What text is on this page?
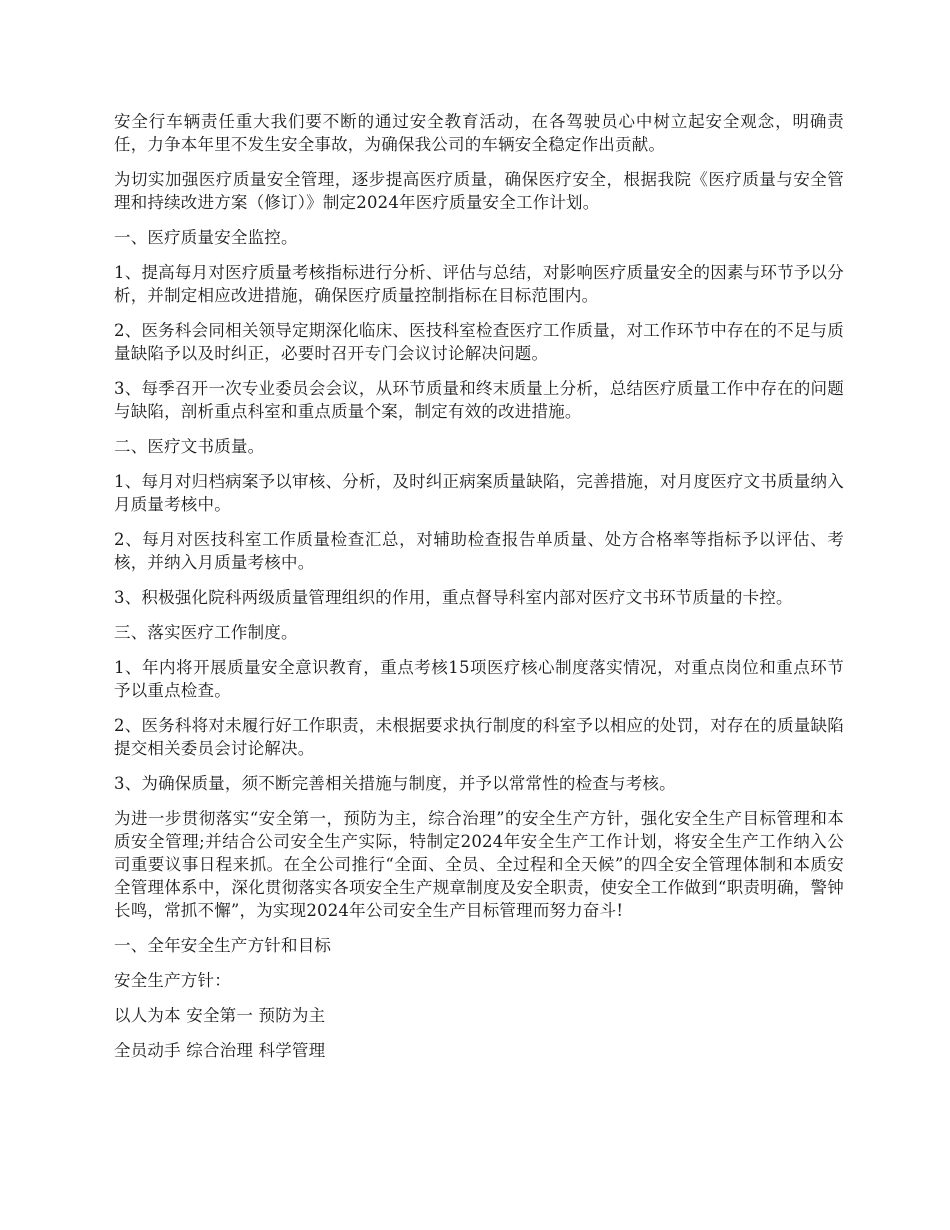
安全行车辆责任重大我们要不断的通过安全教育活动，在各驾驶员心中树立起安全观念，明确责任，力争本年里不发生安全事故，为确保我公司的车辆安全稳定作出贡献。

为切实加强医疗质量安全管理，逐步提高医疗质量，确保医疗安全，根据我院《医疗质量与安全管理和持续改进方案（修订）》制定2024年医疗质量安全工作计划。

一、医疗质量安全监控。

1、提高每月对医疗质量考核指标进行分析、评估与总结，对影响医疗质量安全的因素与环节予以分析，并制定相应改进措施，确保医疗质量控制指标在目标范围内。

2、医务科会同相关领导定期深化临床、医技科室检查医疗工作质量，对工作环节中存在的不足与质量缺陷予以及时纠正，必要时召开专门会议讨论解决问题。

3、每季召开一次专业委员会会议，从环节质量和终末质量上分析，总结医疗质量工作中存在的问题与缺陷，剖析重点科室和重点质量个案，制定有效的改进措施。

二、医疗文书质量。

1、每月对归档病案予以审核、分析，及时纠正病案质量缺陷，完善措施，对月度医疗文书质量纳入月质量考核中。

2、每月对医技科室工作质量检查汇总，对辅助检查报告单质量、处方合格率等指标予以评估、考核，并纳入月质量考核中。

3、积极强化院科两级质量管理组织的作用，重点督导科室内部对医疗文书环节质量的卡控。

三、落实医疗工作制度。

1、年内将开展质量安全意识教育，重点考核15项医疗核心制度落实情况，对重点岗位和重点环节予以重点检查。

2、医务科将对未履行好工作职责，未根据要求执行制度的科室予以相应的处罚，对存在的质量缺陷提交相关委员会讨论解决。

3、为确保质量，须不断完善相关措施与制度，并予以常常性的检查与考核。

为进一步贯彻落实“安全第一，预防为主，综合治理”的安全生产方针，强化安全生产目标管理和本质安全管理;并结合公司安全生产实际，特制定2024年安全生产工作计划，将安全生产工作纳入公司重要议事日程来抓。在全公司推行“全面、全员、全过程和全天候”的四全安全管理体制和本质安全管理体系中，深化贯彻落实各项安全生产规章制度及安全职责，使安全工作做到“职责明确，警钟长鸣，常抓不懈”，为实现2024年公司安全生产目标管理而努力奋斗!

一、全年安全生产方针和目标

安全生产方针：

以人为本 安全第一 预防为主

全员动手 综合治理 科学管理
